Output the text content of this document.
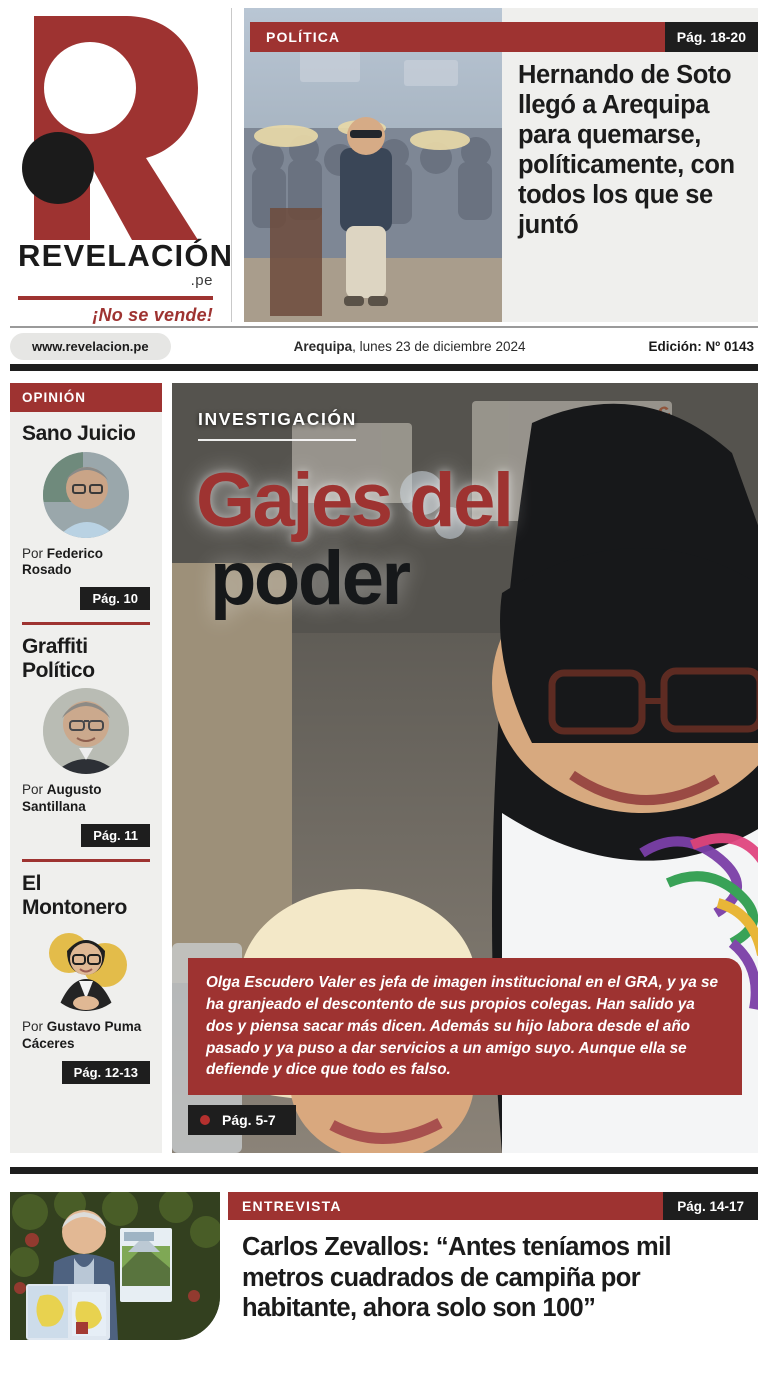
REVELACIÓN
.pe
¡No se vende!
POLÍTICA	Pág. 18-20
Hernando de Soto llegó a Arequipa para quemarse, políticamente, con todos los que se juntó
www.revelacion.pe	Arequipa, lunes 23 de diciembre 2024	Edición: Nº 0143
OPINIÓN
Sano Juicio
Por Federico Rosado
Pág. 10
Graffiti Político
Por Augusto Santillana
Pág. 11
El Montonero
Por Gustavo Puma Cáceres
Pág. 12-13
INVESTIGACIÓN
Gajes del
poder
Olga Escudero Valer es jefa de imagen institucional en el GRA, y ya se ha granjeado el descontento de sus propios colegas. Han salido ya dos y piensa sacar más dicen. Además su hijo labora desde el año pasado y ya puso a dar servicios a un amigo suyo. Aunque ella se defiende y dice que todo es falso.
Pág. 5-7
ENTREVISTA	Pág. 14-17
Carlos Zevallos: “Antes teníamos mil metros cuadrados de campiña por habitante, ahora solo son 100”
